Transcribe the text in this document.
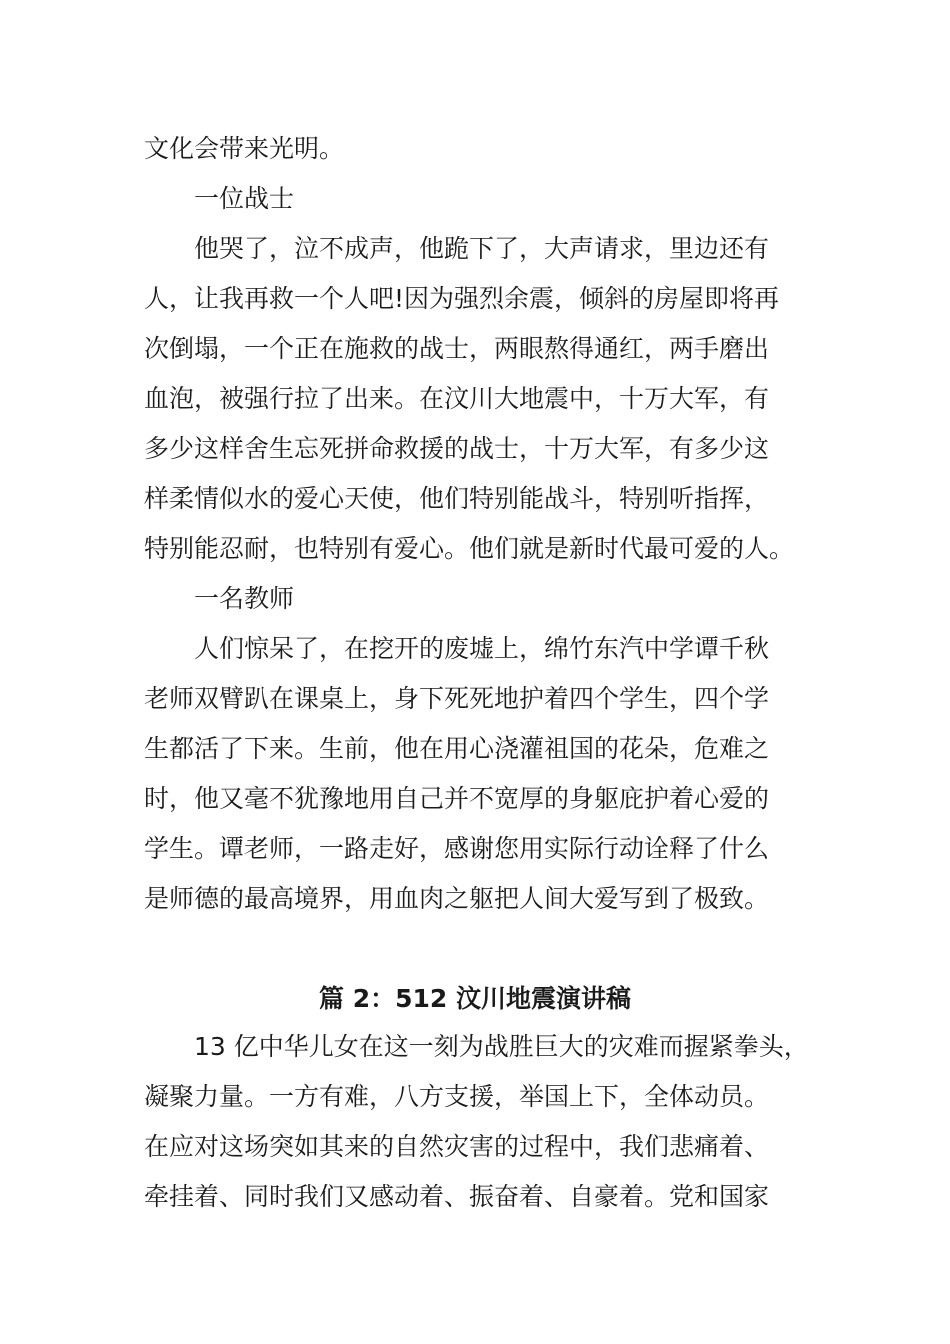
文化会带来光明。

一位战士

他哭了，泣不成声，他跪下了，大声请求，里边还有

人，让我再救一个人吧!因为强烈余震，倾斜的房屋即将再

次倒塌，一个正在施救的战士，两眼熬得通红，两手磨出

血泡，被强行拉了出来。在汶川大地震中，十万大军，有

多少这样舍生忘死拼命救援的战士，十万大军，有多少这

样柔情似水的爱心天使，他们特别能战斗，特别听指挥，

特别能忍耐，也特别有爱心。他们就是新时代最可爱的人。

一名教师

人们惊呆了，在挖开的废墟上，绵竹东汽中学谭千秋

老师双臂趴在课桌上，身下死死地护着四个学生，四个学

生都活了下来。生前，他在用心浇灌祖国的花朵，危难之

时，他又毫不犹豫地用自己并不宽厚的身躯庇护着心爱的

学生。谭老师，一路走好，感谢您用实际行动诠释了什么

是师德的最高境界，用血肉之躯把人间大爱写到了极致。

篇 2：512 汶川地震演讲稿

13 亿中华儿女在这一刻为战胜巨大的灾难而握紧拳头，

凝聚力量。一方有难，八方支援，举国上下，全体动员。

在应对这场突如其来的自然灾害的过程中，我们悲痛着、

牵挂着、同时我们又感动着、振奋着、自豪着。党和国家
